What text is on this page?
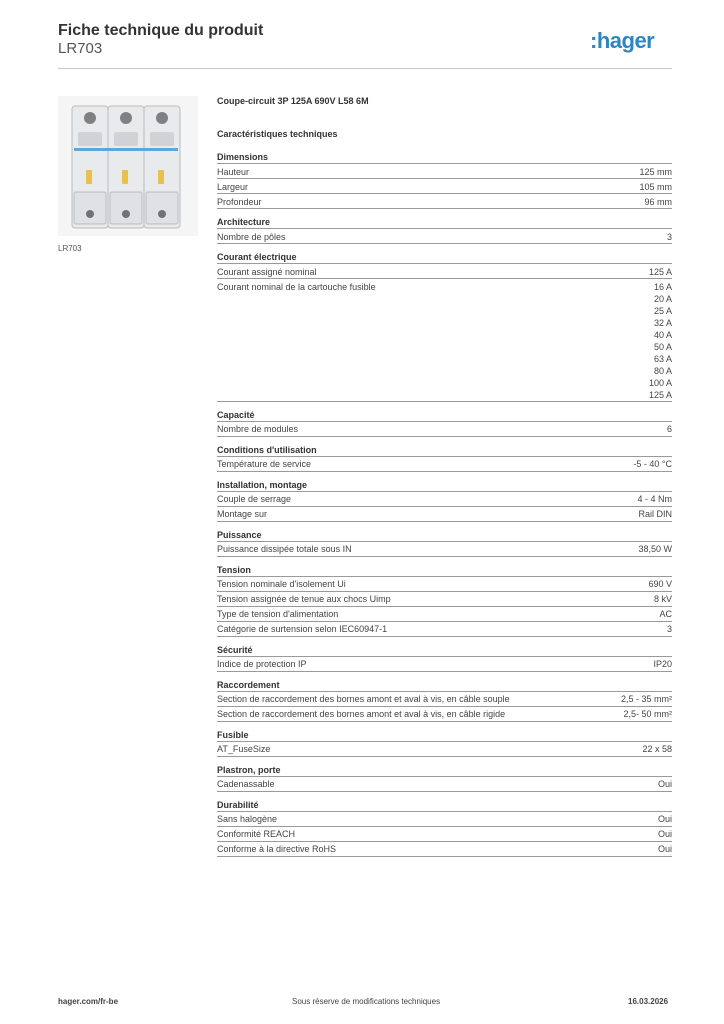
Fiche technique du produit
LR703	:hager
LR703
Coupe-circuit 3P 125A 690V L58 6M
Caractéristiques techniques
Dimensions
Hauteur	125 mm
Largeur	105 mm
Profondeur	96 mm
Architecture
Nombre de pôles	3
Courant électrique
Courant assigné nominal	125 A
Courant nominal de la cartouche fusible	16 A
20 A
25 A
32 A
40 A
50 A
63 A
80 A
100 A
125 A
Capacité
Nombre de modules	6
Conditions d'utilisation
Température de service	-5 - 40 °C
Installation, montage
Couple de serrage	4 - 4 Nm
Montage sur	Rail DIN
Puissance
Puissance dissipée totale sous IN	38,50 W
Tension
Tension nominale d'isolement Ui	690 V
Tension assignée de tenue aux chocs Uimp	8 kV
Type de tension d'alimentation	AC
Catégorie de surtension selon IEC60947-1	3
Sécurité
Indice de protection IP	IP20
Raccordement
Section de raccordement des bornes amont et aval à vis, en câble souple	2,5 - 35 mm²
Section de raccordement des bornes amont et aval à vis, en câble rigide	2,5- 50 mm²
Fusible
AT_FuseSize	22 x 58
Plastron, porte
Cadenassable	Oui
Durabilité
Sans halogène	Oui
Conformité REACH	Oui
Conforme à la directive RoHS	Oui
hager.com/fr-be	Sous réserve de modifications techniques	16.03.2026
